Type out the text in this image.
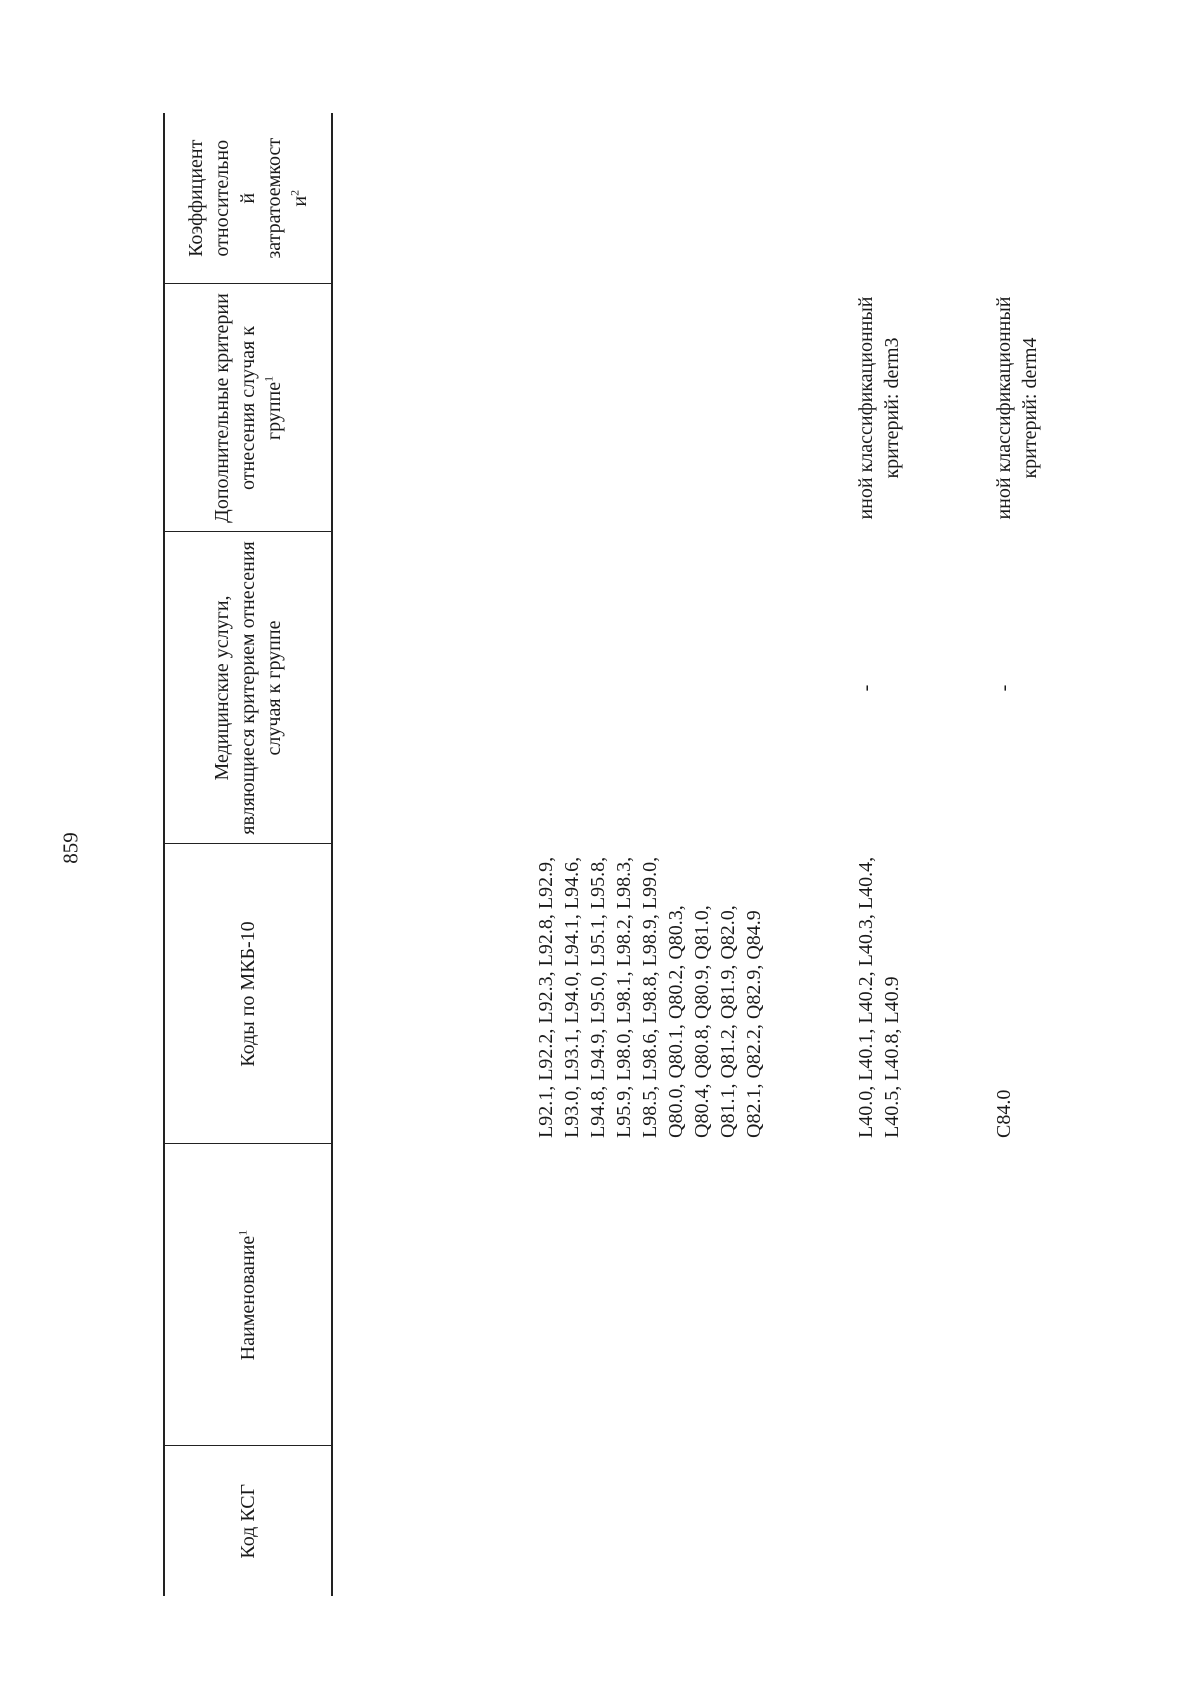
859
Код КСГ	Наименование$^1$	Коды по МКБ-10	Медицинские услуги, являющиеся критерием отнесения случая к группе	Дополнительные критерии отнесения случая к группе$^1$	Коэффициент относительно й затратоемкост $и^2$
		L92.1, L92.2, L92.3, L92.8, L92.9, L93.0, L93.1, L94.0, L94.1, L94.6, L94.8, L94.9, L95.0, L95.1, L95.8, L95.9, L98.0, L98.1, L98.2, L98.3, L98.5, L98.6, L98.8, L98.9, L99.0, Q80.0, Q80.1, Q80.2, Q80.3, Q80.4, Q80.8, Q80.9, Q81.0, Q81.1, Q81.2, Q81.9, Q82.0, Q82.1, Q82.2, Q82.9, Q84.9			
		L40.0, L40.1, L40.2, L40.3, L40.4, L40.5, L40.8, L40.9	-	иной классификационный критерий: derm3	
		C84.0	-	иной классификационный критерий: derm4	
